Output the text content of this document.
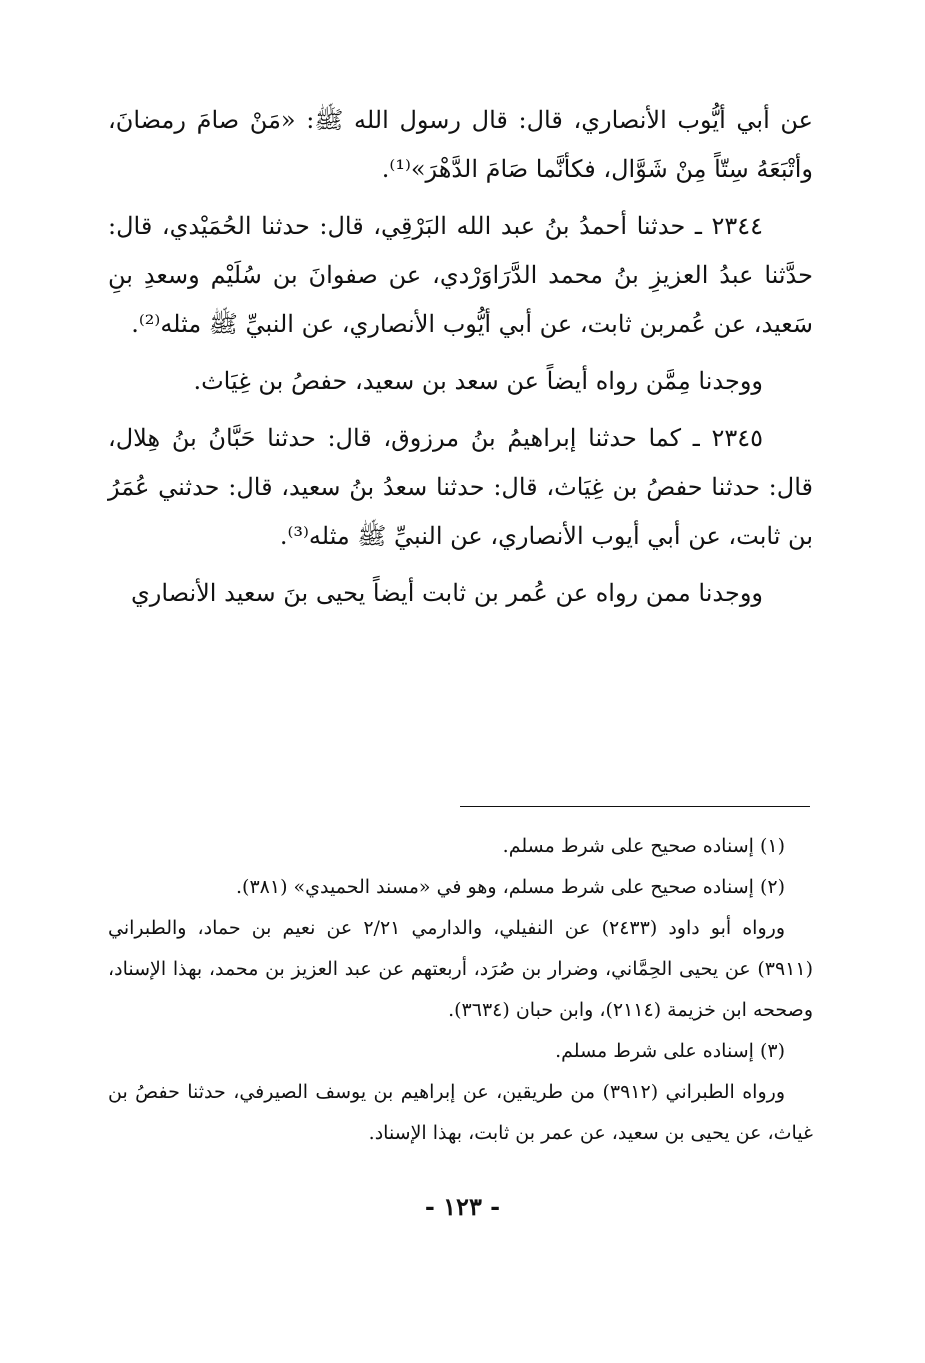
عن أبي أيُّوب الأنصاري، قال: قال رسول الله ﷺ: «مَنْ صامَ رمضانَ، وأتْبَعَهُ سِتّاً مِنْ شَوَّال، فكأنَّما صَامَ الدَّهْرَ»⁽¹⁾.

٢٣٤٤ ـ حدثنا أحمدُ بنُ عبد الله البَرْقِي، قال: حدثنا الحُمَيْدي، قال: حدَّثنا عبدُ العزيزِ بنُ محمد الدَّرَاوَرْدي، عن صفوانَ بن سُلَيْم وسعدِ بنِ سَعيد، عن عُمربن ثابت، عن أبي أيُّوب الأنصاري، عن النبيِّ ﷺ مثله⁽²⁾.

ووجدنا مِمَّن رواه أيضاً عن سعد بن سعيد، حفصُ بن غِيَاث.

٢٣٤٥ ـ كما حدثنا إبراهيمُ بنُ مرزوق، قال: حدثنا حَبَّانُ بنُ هِلال، قال: حدثنا حفصُ بن غِيَاث، قال: حدثنا سعدُ بنُ سعيد، قال: حدثني عُمَرُ بن ثابت، عن أبي أيوب الأنصاري، عن النبيِّ ﷺ مثله⁽³⁾.

ووجدنا ممن رواه عن عُمر بن ثابت أيضاً يحيى بنَ سعيد الأنصاري

(١) إسناده صحيح على شرط مسلم.

(٢) إسناده صحيح على شرط مسلم، وهو في «مسند الحميدي» (٣٨١).

ورواه أبو داود (٢٤٣٣) عن النفيلي، والدارمي ٢/٢١ عن نعيم بن حماد، والطبراني (٣٩١١) عن يحيى الحِمَّاني، وضرار بن صُرَد، أربعتهم عن عبد العزيز بن محمد، بهذا الإسناد، وصححه ابن خزيمة (٢١١٤)، وابن حبان (٣٦٣٤).

(٣) إسناده على شرط مسلم.

ورواه الطبراني (٣٩١٢) من طريقين، عن إبراهيم بن يوسف الصيرفي، حدثنا حفصُ بن غياث، عن يحيى بن سعيد، عن عمر بن ثابت، بهذا الإسناد.

- ١٢٣ -
